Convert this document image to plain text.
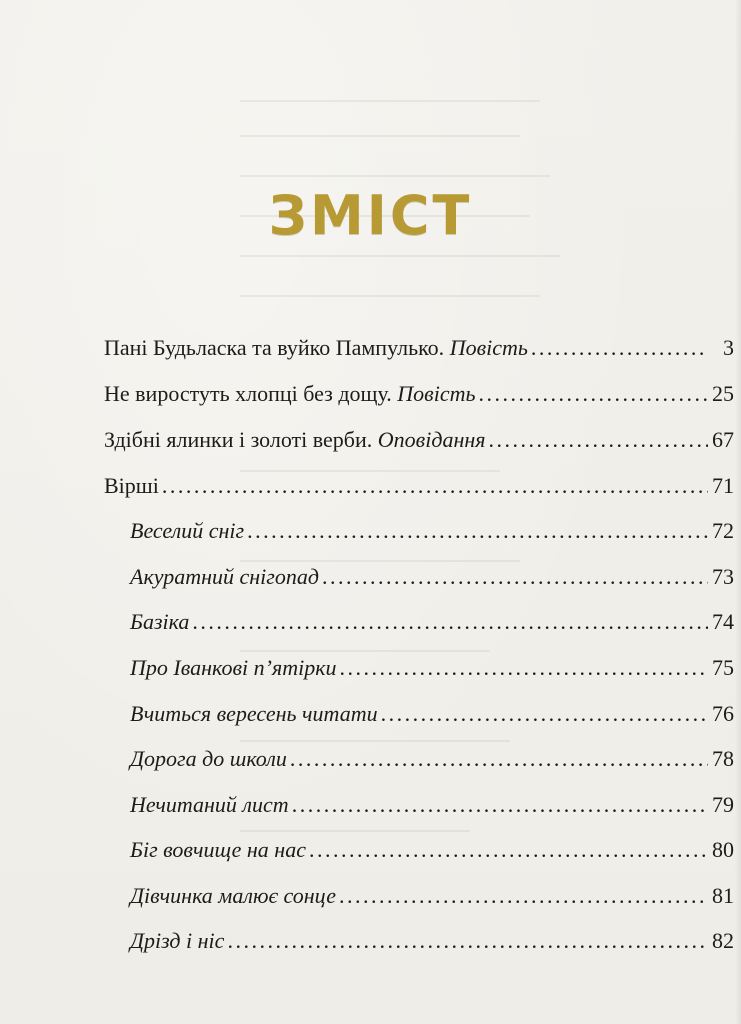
ЗМІСТ
Пані Будьласка та вуйко Пампулько. Повість . . .	3
Не виростуть хлопці без дощу. Повість . . .	25
Здібні ялинки і золоті верби. Оповідання . . .	67
Вірші . . .	71
Веселий сніг . . .	72
Акуратний снігопад . . .	73
Базіка . . .	74
Про Іванкові п’ятірки . . .	75
Вчиться вересень читати . . .	76
Дорога до школи . . .	78
Нечитаний лист . . .	79
Біг вовчище на нас . . .	80
Дівчинка малює сонце . . .	81
Дрізд і ніс . . .	82
